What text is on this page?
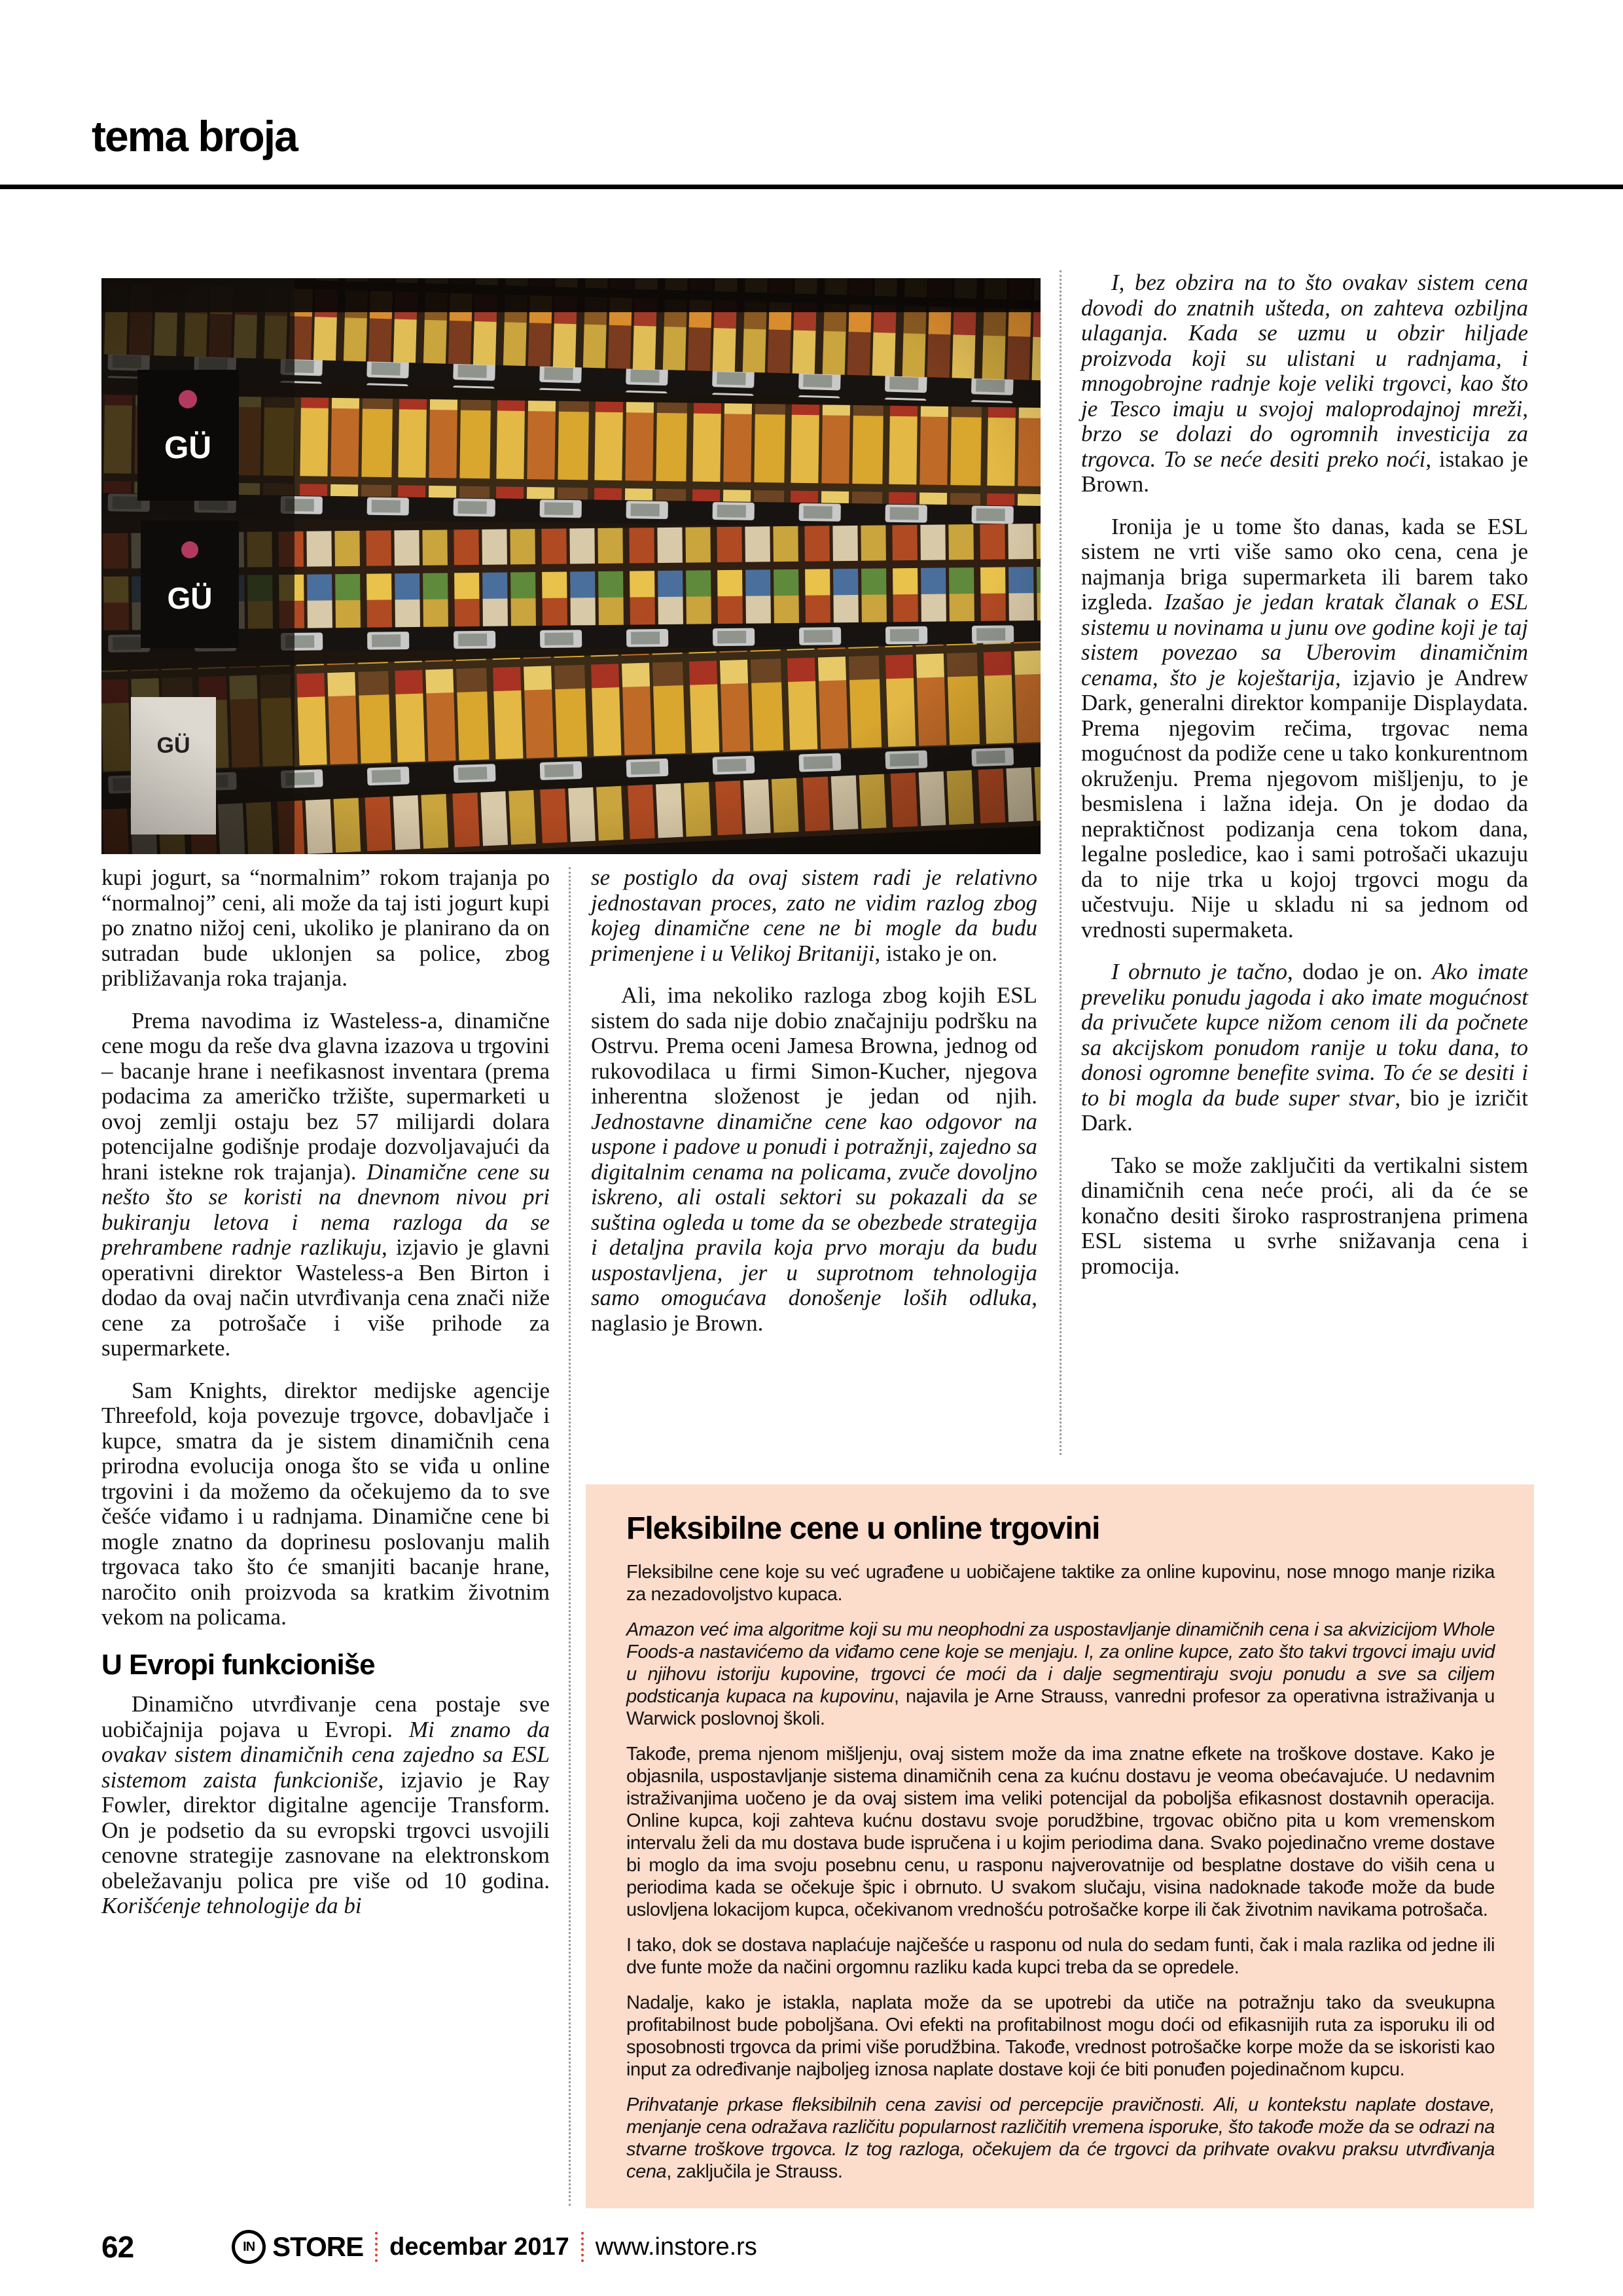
tema broja

kupi jogurt, sa “normalnim” rokom trajanja po “normalnoj” ceni, ali može da taj isti jogurt kupi po znatno nižoj ceni, ukoliko je planirano da on sutradan bude uklonjen sa police, zbog približavanja roka trajanja.

Prema navodima iz Wasteless-a, dinamične cene mogu da reše dva glavna izazova u trgovini – bacanje hrane i neefikasnost inventara (prema podacima za američko tržište, supermarketi u ovoj zemlji ostaju bez 57 milijardi dolara potencijalne godišnje prodaje dozvoljavajući da hrani istekne rok trajanja). Dinamične cene su nešto što se koristi na dnevnom nivou pri bukiranju letova i nema razloga da se prehrambene radnje razlikuju, izjavio je glavni operativni direktor Wasteless-a Ben Birton i dodao da ovaj način utvrđivanja cena znači niže cene za potrošače i više prihode za supermarkete.

Sam Knights, direktor medijske agencije Threefold, koja povezuje trgovce, dobavljače i kupce, smatra da je sistem dinamičnih cena prirodna evolucija onoga što se viđa u online trgovini i da možemo da očekujemo da to sve češće viđamo i u radnjama. Dinamične cene bi mogle znatno da doprinesu poslovanju malih trgovaca tako što će smanjiti bacanje hrane, naročito onih proizvoda sa kratkim životnim vekom na policama.

U Evropi funkcioniše

Dinamično utvrđivanje cena postaje sve uobičajnija pojava u Evropi. Mi znamo da ovakav sistem dinamičnih cena zajedno sa ESL sistemom zaista funkcioniše, izjavio je Ray Fowler, direktor digitalne agencije Transform. On je podsetio da su evropski trgovci usvojili cenovne strategije zasnovane na elektronskom obeležavanju polica pre više od 10 godina. Korišćenje tehnologije da bi

se postiglo da ovaj sistem radi je relativno jednostavan proces, zato ne vidim razlog zbog kojeg dinamične cene ne bi mogle da budu primenjene i u Velikoj Britaniji, istako je on.

Ali, ima nekoliko razloga zbog kojih ESL sistem do sada nije dobio značajniju podršku na Ostrvu. Prema oceni Jamesa Browna, jednog od rukovodilaca u firmi Simon-Kucher, njegova inherentna složenost je jedan od njih. Jednostavne dinamične cene kao odgovor na uspone i padove u ponudi i potražnji, zajedno sa digitalnim cenama na policama, zvuče dovoljno iskreno, ali ostali sektori su pokazali da se suština ogleda u tome da se obezbede strategija i detaljna pravila koja prvo moraju da budu uspostavljena, jer u suprotnom tehnologija samo omogućava donošenje loših odluka, naglasio je Brown.

I, bez obzira na to što ovakav sistem cena dovodi do znatnih ušteda, on zahteva ozbiljna ulaganja. Kada se uzmu u obzir hiljade proizvoda koji su ulistani u radnjama, i mnogobrojne radnje koje veliki trgovci, kao što je Tesco imaju u svojoj maloprodajnoj mreži, brzo se dolazi do ogromnih investicija za trgovca. To se neće desiti preko noći, istakao je Brown.

Ironija je u tome što danas, kada se ESL sistem ne vrti više samo oko cena, cena je najmanja briga supermarketa ili barem tako izgleda. Izašao je jedan kratak članak o ESL sistemu u novinama u junu ove godine koji je taj sistem povezao sa Uberovim dinamičnim cenama, što je koještarija, izjavio je Andrew Dark, generalni direktor kompanije Displaydata. Prema njegovim rečima, trgovac nema mogućnost da podiže cene u tako konkurentnom okruženju. Prema njegovom mišljenju, to je besmislena i lažna ideja. On je dodao da nepraktičnost podizanja cena tokom dana, legalne posledice, kao i sami potrošači ukazuju da to nije trka u kojoj trgovci mogu da učestvuju. Nije u skladu ni sa jednom od vrednosti supermaketa.

I obrnuto je tačno, dodao je on. Ako imate preveliku ponudu jagoda i ako imate mogućnost da privučete kupce nižom cenom ili da počnete sa akcijskom ponudom ranije u toku dana, to donosi ogromne benefite svima. To će se desiti i to bi mogla da bude super stvar, bio je izričit Dark.

Tako se može zaključiti da vertikalni sistem dinamičnih cena neće proći, ali da će se konačno desiti široko rasprostranjena primena ESL sistema u svrhe snižavanja cena i promocija.

Fleksibilne cene u online trgovini

Fleksibilne cene koje su već ugrađene u uobičajene taktike za online kupovinu, nose mnogo manje rizika za nezadovoljstvo kupaca.

Amazon već ima algoritme koji su mu neophodni za uspostavljanje dinamičnih cena i sa akvizicijom Whole Foods-a nastavićemo da viđamo cene koje se menjaju. I, za online kupce, zato što takvi trgovci imaju uvid u njihovu istoriju kupovine, trgovci će moći da i dalje segmentiraju svoju ponudu a sve sa ciljem podsticanja kupaca na kupovinu, najavila je Arne Strauss, vanredni profesor za operativna istraživanja u Warwick poslovnoj školi.

Takođe, prema njenom mišljenju, ovaj sistem može da ima znatne efkete na troškove dostave. Kako je objasnila, uspostavljanje sistema dinamičnih cena za kućnu dostavu je veoma obećavajuće. U nedavnim istraživanjima uočeno je da ovaj sistem ima veliki potencijal da poboljša efikasnost dostavnih operacija. Online kupca, koji zahteva kućnu dostavu svoje porudžbine, trgovac obično pita u kom vremenskom intervalu želi da mu dostava bude ispručena i u kojim periodima dana. Svako pojedinačno vreme dostave bi moglo da ima svoju posebnu cenu, u rasponu najverovatnije od besplatne dostave do viših cena u periodima kada se očekuje špic i obrnuto. U svakom slučaju, visina nadoknade takođe može da bude uslovljena lokacijom kupca, očekivanom vrednošću potrošačke korpe ili čak životnim navikama potrošača.

I tako, dok se dostava naplaćuje najčešće u rasponu od nula do sedam funti, čak i mala razlika od jedne ili dve funte može da načini orgomnu razliku kada kupci treba da se opredele.

Nadalje, kako je istakla, naplata može da se upotrebi da utiče na potražnju tako da sveukupna profitabilnost bude poboljšana. Ovi efekti na profitabilnost mogu doći od efikasnijih ruta za isporuku ili od sposobnosti trgovca da primi više porudžbina. Takođe, vrednost potrošačke korpe može da se iskoristi kao input za određivanje najboljeg iznosa naplate dostave koji će biti ponuđen pojedinačnom kupcu.

Prihvatanje prkase fleksibilnih cena zavisi od percepcije pravičnosti. Ali, u kontekstu naplate dostave, menjanje cena odražava različitu popularnost različitih vremena isporuke, što takođe može da se odrazi na stvarne troškove trgovca. Iz tog razloga, očekujem da će trgovci da prihvate ovakvu praksu utvrđivanja cena, zaključila je Strauss.

62	IN STORE decembar 2017 www.instore.rs
